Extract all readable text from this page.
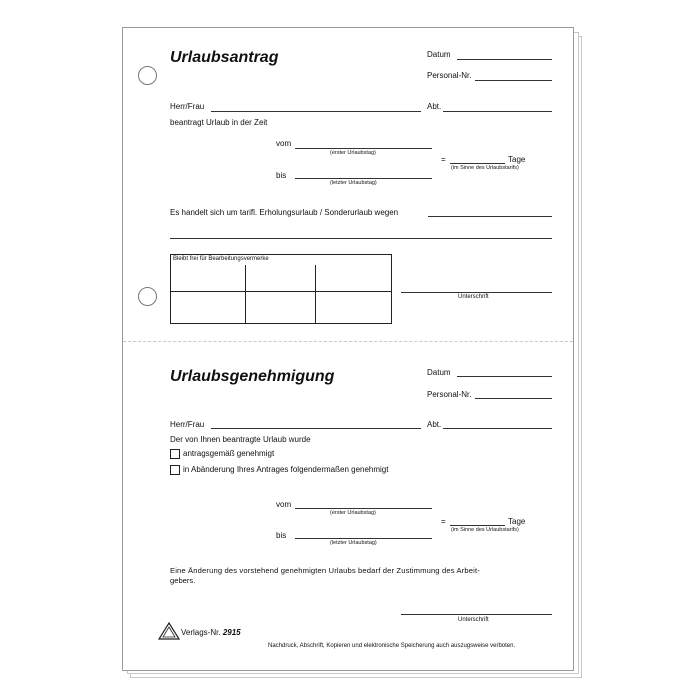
Urlaubsantrag	Datum
Personal-Nr.
Herr/Frau	Abt.
beantragt Urlaub in der Zeit
vom
(erster Urlaubstag)
bis
(letzter Urlaubstag)
=	Tage
(im Sinne des Urlaubstarifs)
Es handelt sich um tarifl. Erholungsurlaub / Sonderurlaub wegen
Bleibt frei für Bearbeitungsvermerke
Unterschrift
Urlaubsgenehmigung	Datum
Personal-Nr.
Herr/Frau	Abt.
Der von Ihnen beantragte Urlaub wurde
antragsgemäß genehmigt
in Abänderung Ihres Antrages folgendermaßen genehmigt
vom
(erster Urlaubstag)
bis
(letzter Urlaubstag)
=	Tage
(im Sinne des Urlaubstarifs)
Eine Änderung des vorstehend genehmigten Urlaubs bedarf der Zustimmung des Arbeit-
gebers.
Unterschrift
Verlags-Nr. 2915
Nachdruck, Abschrift, Kopieren und elektronische Speicherung auch auszugsweise verboten.
